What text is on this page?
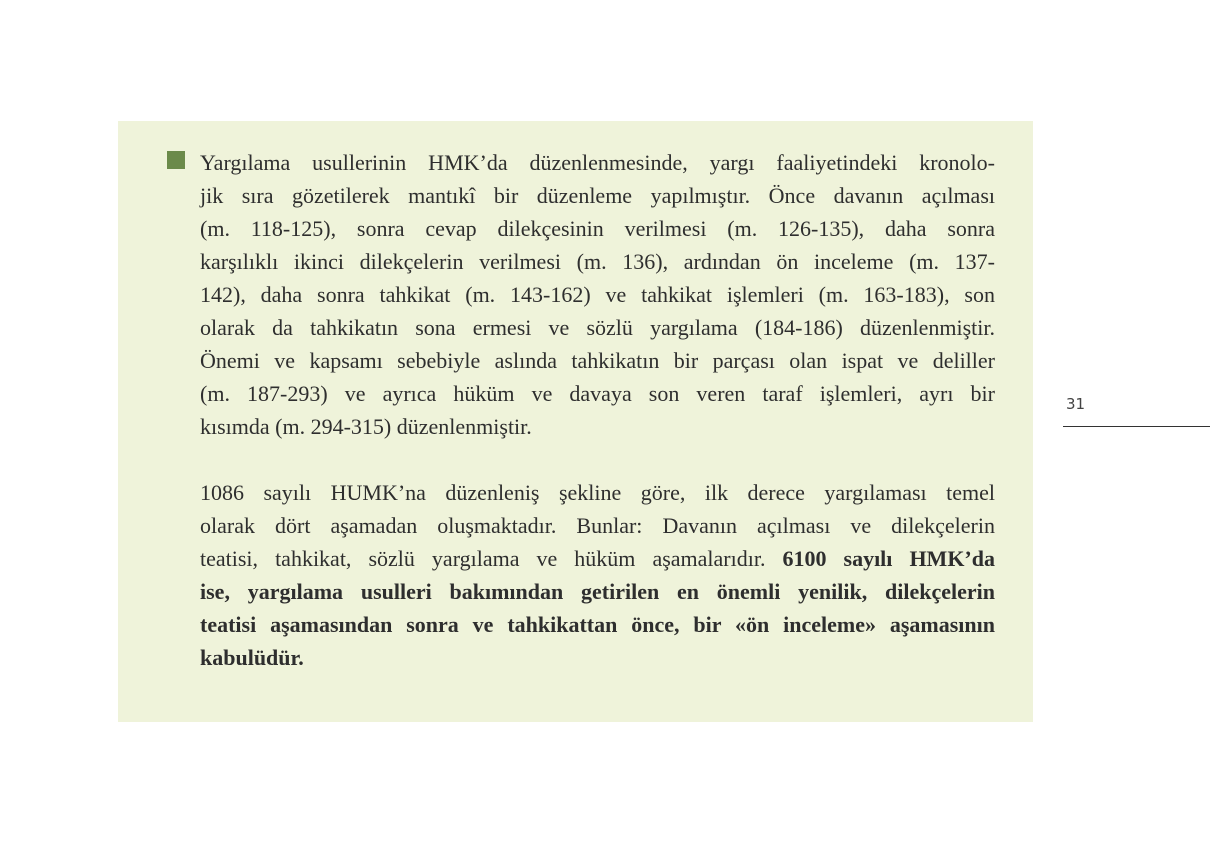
Yargılama usullerinin HMK’da düzenlenmesinde, yargı faaliyetindeki kronolo-
jik sıra gözetilerek mantıkî bir düzenleme yapılmıştır. Önce davanın açılması
(m. 118-125), sonra cevap dilekçesinin verilmesi (m. 126-135), daha sonra
karşılıklı ikinci dilekçelerin verilmesi (m. 136), ardından ön inceleme (m. 137-
142), daha sonra tahkikat (m. 143-162) ve tahkikat işlemleri (m. 163-183), son
olarak da tahkikatın sona ermesi ve sözlü yargılama (184-186) düzenlenmiştir.
Önemi ve kapsamı sebebiyle aslında tahkikatın bir parçası olan ispat ve deliller
(m. 187-293) ve ayrıca hüküm ve davaya son veren taraf işlemleri, ayrı bir
kısımda (m. 294-315) düzenlenmiştir.
1086 sayılı HUMK’na düzenleniş şekline göre, ilk derece yargılaması temel
olarak dört aşamadan oluşmaktadır. Bunlar: Davanın açılması ve dilekçelerin
teatisi, tahkikat, sözlü yargılama ve hüküm aşamalarıdır. 6100 sayılı HMK’da
ise, yargılama usulleri bakımından getirilen en önemli yenilik, dilekçelerin
teatisi aşamasından sonra ve tahkikattan önce, bir «ön inceleme» aşamasının
kabulüdür.
31
